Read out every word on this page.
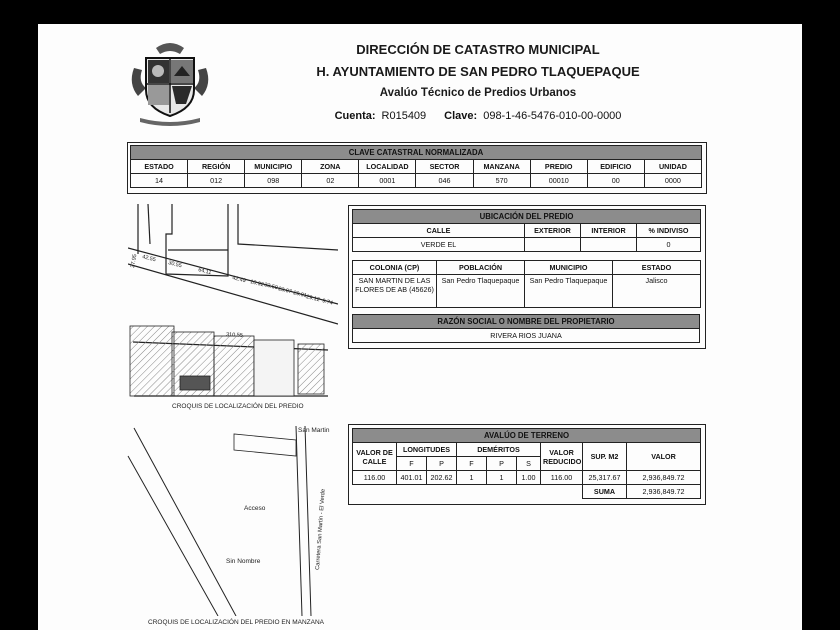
DIRECCIÓN DE CATASTRO MUNICIPAL
H. AYUNTAMIENTO DE SAN PEDRO TLAQUEPAQUE
Avalúo Técnico de Predios Urbanos
Cuenta: R015409 Clave: 098-1-46-5476-010-00-0000
CLAVE CATASTRAL NORMALIZADA									
ESTADO	REGIÓN	MUNICIPIO	ZONA	LOCALIDAD	SECTOR	MANZANA	PREDIO	EDIFICIO	UNIDAD
14	012	098	02	0001	046	570	00010	00	0000
42.55
30.55
64.11
42.49 10.92 33.59 23.07 29.91
29.12 9.74
310.55
27.95
CROQUIS DE LOCALIZACIÓN DEL PREDIO
UBICACIÓN DEL PREDIO			
CALLE	EXTERIOR	INTERIOR	% INDIVISO
VERDE EL			0
COLONIA (CP)	POBLACIÓN	MUNICIPIO	ESTADO
SAN MARTIN DE LAS FLORES DE AB (45626)	San Pedro Tlaquepaque	San Pedro Tlaquepaque	Jalisco
RAZÓN SOCIAL O NOMBRE DEL PROPIETARIO
RIVERA RIOS JUANA
San Martin
Acceso
Sin Nombre	Carretera San Martin - El Verde
CROQUIS DE LOCALIZACIÓN DEL PREDIO EN MANZANA
AVALÚO DE TERRENO								
VALOR DE CALLE	LONGITUDES		DEMÉRITOS			VALOR REDUCIDO	SUP. M2	VALOR
	F	P	F	P	S			
116.00	401.01	202.62	1	1	1.00	116.00	25,317.67	2,936,849.72
							SUMA	2,936,849.72
